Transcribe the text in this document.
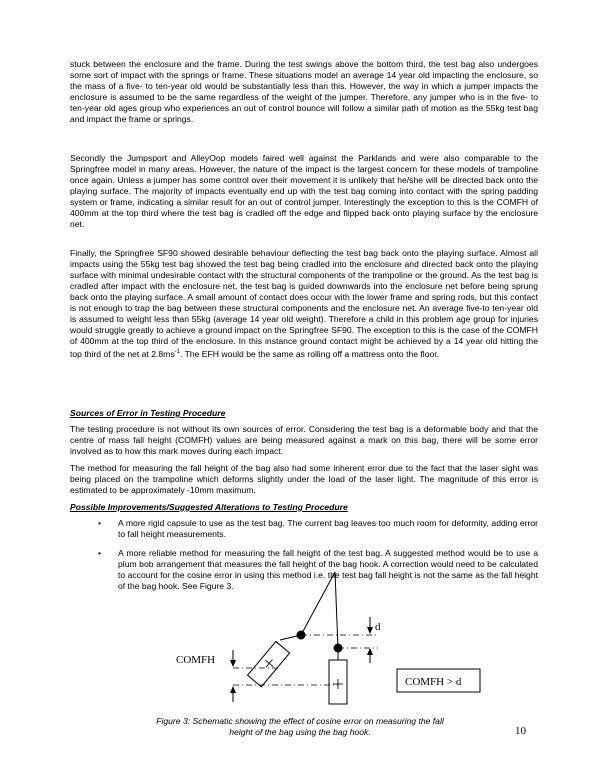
stuck between the enclosure and the frame. During the test swings above the bottom third, the test bag also undergoes some sort of impact with the springs or frame. These situations model an average 14 year old impacting the enclosure, so the mass of a five- to ten-year old would be substantially less than this. However, the way in which a jumper impacts the enclosure is assumed to be the same regardless of the weight of the jumper. Therefore, any jumper who is in the five- to ten-year old ages group who experiences an out of control bounce will follow a similar path of motion as the 55kg test bag and impact the frame or springs.

Secondly the Jumpsport and AlleyOop models faired well against the Parklands and were also comparable to the Springfree model in many areas. However, the nature of the impact is the largest concern for these models of trampoline once again. Unless a jumper has some control over their movement it is unlikely that he/she will be directed back onto the playing surface. The majority of impacts eventually end up with the test bag coming into contact with the spring padding system or frame, indicating a similar result for an out of control jumper. Interestingly the exception to this is the COMFH of 400mm at the top third where the test bag is cradled off the edge and flipped back onto playing surface by the enclosure net.

Finally, the Springfree SF90 showed desirable behaviour deflecting the test bag back onto the playing surface. Almost all impacts using the 55kg test bag showed the test bag being cradled into the enclosure and directed back onto the playing surface with minimal undesirable contact with the structural components of the trampoline or the ground. As the test bag is cradled after impact with the enclosure net, the test bag is guided downwards into the enclosure net before being sprung back onto the playing surface. A small amount of contact does occur with the lower frame and spring rods, but this contact is not enough to trap the bag between these structural components and the enclosure net. An average five-to ten-year old is assumed to weight less than 55kg (average 14 year old weight). Therefore a child in this problem age group for injuries would struggle greatly to achieve a ground impact on the Springfree SF90. The exception to this is the case of the COMFH of 400mm at the top third of the enclosure. In this instance ground contact might be achieved by a 14 year old hitting the top third of the net at $2.8ms^{-1}$. The EFH would be the same as rolling off a mattress onto the floor.

Sources of Error in Testing Procedure

The testing procedure is not without its own sources of error. Considering the test bag is a deformable body and that the centre of mass fall height (COMFH) values are being measured against a mark on this bag, there will be some error involved as to how this mark moves during each impact.

The method for measuring the fall height of the bag also had some inherent error due to the fact that the laser sight was being placed on the trampoline which deforms slightly under the load of the laser light. The magnitude of this error is estimated to be approximately -10mm maximum.

Possible Improvements/Suggested Alterations to Testing Procedure
• A more rigid capsule to use as the test bag. The current bag leaves too much room for deformity, adding error to fall height measurements.
• A more reliable method for measuring the fall height of the test bag. A suggested method would be to use a plum bob arrangement that measures the fall height of the bag hook. A correction would need to be calculated to account for the cosine error in using this method i.e. the test bag fall height is not the same as the fall height of the bag hook. See Figure 3.
d
COMFH
COMFH > d
Figure 3: Schematic showing the effect of cosine error on measuring the fall
height of the bag using the bag hook.	10
